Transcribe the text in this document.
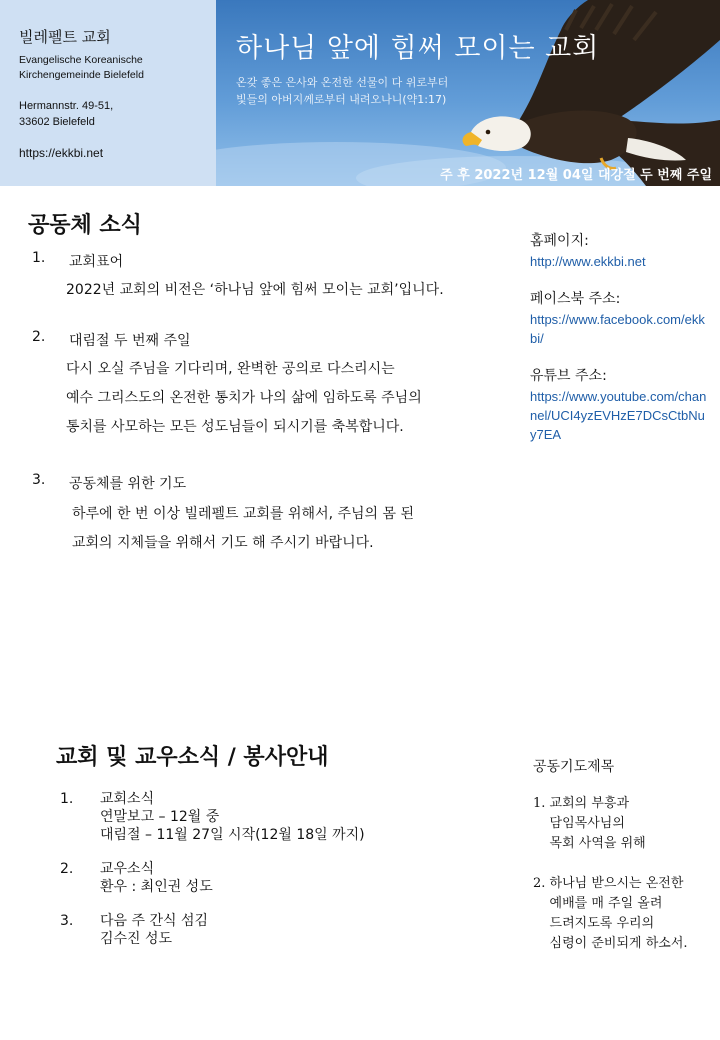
빌레펠트 교회
Evangelische Koreanische
Kirchengemeinde Bielefeld
Hermannstr. 49-51,
33602 Bielefeld
https://ekkbi.net
하나님 앞에 힘써 모이는 교회
온갖 좋은 은사와 온전한 선물이 다 위로부터
빛들의 아버지께로부터 내려오나니(약1:17)
주 후 2022년 12월 04일 대강절 두 번째 주일
공동체 소식
1. 교회표어
2022년 교회의 비전은 ‘하나님 앞에 힘써 모이는 교회’입니다.
2. 대림절 두 번째 주일
다시 오실 주님을 기다리며, 완벽한 공의로 다스리시는
예수 그리스도의 온전한 통치가 나의 삶에 임하도록 주님의
통치를 사모하는 모든 성도님들이 되시기를 축복합니다.
3. 공동체를 위한 기도
하루에 한 번 이상 빌레펠트 교회를 위해서, 주님의 몸 된
교회의 지체들을 위해서 기도 해 주시기 바랍니다.
홈페이지:
http://www.ekkbi.net
페이스북 주소:
https://www.facebook.com/ekkbi/
유튜브 주소:
https://www.youtube.com/channel/UCI4yzEVHzE7DCsCtbNuy7EA
교회 및 교우소식 / 봉사안내
1. 교회소식
연말보고 – 12월 중
대림절 – 11월 27일 시작(12월 18일 까지)
2. 교우소식
환우 : 최인권 성도
3. 다음 주 간식 섬김
김수진 성도
공동기도제목
1. 교회의 부흥과
담임목사님의
목회 사역을 위해
2. 하나님 받으시는 온전한
예배를 매 주일 올려
드려지도록 우리의
심령이 준비되게 하소서.
